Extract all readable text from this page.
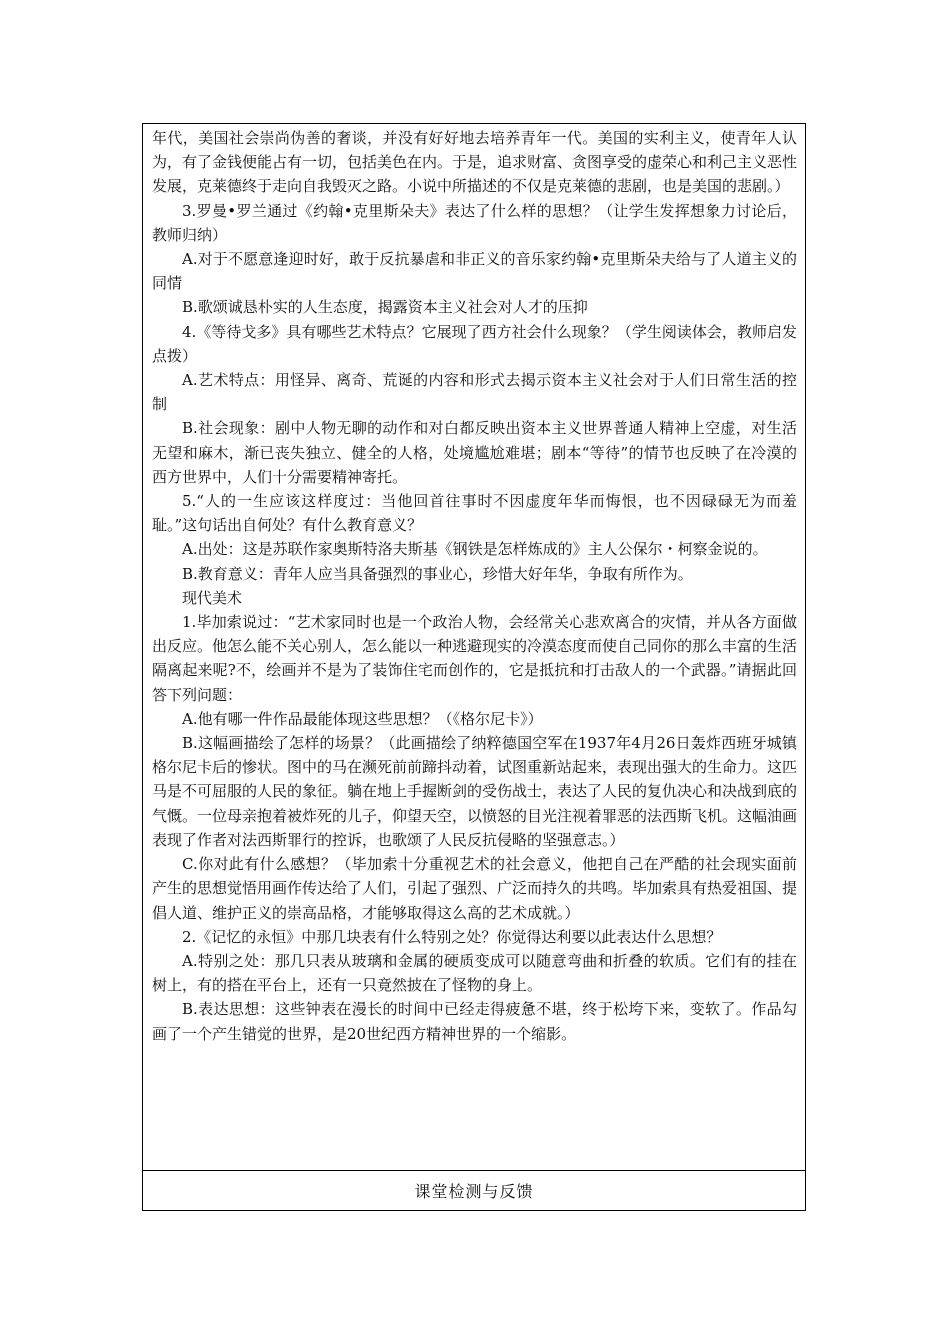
年代，美国社会崇尚伪善的奢谈，并没有好好地去培养青年一代。美国的实利主义，使青年人认为，有了金钱便能占有一切，包括美色在内。于是，追求财富、贪图享受的虚荣心和利己主义恶性发展，克莱德终于走向自我毁灭之路。小说中所描述的不仅是克莱德的悲剧，也是美国的悲剧。）

3.罗曼•罗兰通过《约翰•克里斯朵夫》表达了什么样的思想？（让学生发挥想象力讨论后，教师归纳）

A.对于不愿意逢迎时好，敢于反抗暴虐和非正义的音乐家约翰•克里斯朵夫给与了人道主义的同情

B.歌颂诚恳朴实的人生态度，揭露资本主义社会对人才的压抑

4.《等待戈多》具有哪些艺术特点？它展现了西方社会什么现象？（学生阅读体会，教师启发点拨）

A.艺术特点：用怪异、离奇、荒诞的内容和形式去揭示资本主义社会对于人们日常生活的控制

B.社会现象：剧中人物无聊的动作和对白都反映出资本主义世界普通人精神上空虚，对生活无望和麻木，渐已丧失独立、健全的人格，处境尴尬难堪；剧本“等待”的情节也反映了在冷漠的西方世界中，人们十分需要精神寄托。

5.“人的一生应该这样度过：当他回首往事时不因虚度年华而悔恨，也不因碌碌无为而羞耻。”这句话出自何处？有什么教育意义？

A.出处：这是苏联作家奥斯特洛夫斯基《钢铁是怎样炼成的》主人公保尔・柯察金说的。

B.教育意义：青年人应当具备强烈的事业心，珍惜大好年华，争取有所作为。

现代美术

1.毕加索说过：“艺术家同时也是一个政治人物，会经常关心悲欢离合的灾情，并从各方面做出反应。他怎么能不关心别人，怎么能以一种逃避现实的冷漠态度而使自己同你的那么丰富的生活隔离起来呢?不，绘画并不是为了装饰住宅而创作的，它是抵抗和打击敌人的一个武器。”请据此回答下列问题：

A.他有哪一件作品最能体现这些思想？（《格尔尼卡》）

B.这幅画描绘了怎样的场景？（此画描绘了纳粹德国空军在1937年4月26日轰炸西班牙城镇格尔尼卡后的惨状。图中的马在濒死前前蹄抖动着，试图重新站起来，表现出强大的生命力。这匹马是不可屈服的人民的象征。躺在地上手握断剑的受伤战士，表达了人民的复仇决心和决战到底的气慨。一位母亲抱着被炸死的儿子，仰望天空，以愤怒的目光注视着罪恶的法西斯飞机。这幅油画表现了作者对法西斯罪行的控诉，也歌颂了人民反抗侵略的坚强意志。）

C.你对此有什么感想？（毕加索十分重视艺术的社会意义，他把自己在严酷的社会现实面前产生的思想觉悟用画作传达给了人们，引起了强烈、广泛而持久的共鸣。毕加索具有热爱祖国、提倡人道、维护正义的崇高品格，才能够取得这么高的艺术成就。）

2.《记忆的永恒》中那几块表有什么特别之处？你觉得达利要以此表达什么思想？

A.特别之处：那几只表从玻璃和金属的硬质变成可以随意弯曲和折叠的软质。它们有的挂在树上，有的搭在平台上，还有一只竟然披在了怪物的身上。

B.表达思想：这些钟表在漫长的时间中已经走得疲惫不堪，终于松垮下来，变软了。作品勾画了一个产生错觉的世界，是20世纪西方精神世界的一个缩影。

课堂检测与反馈
